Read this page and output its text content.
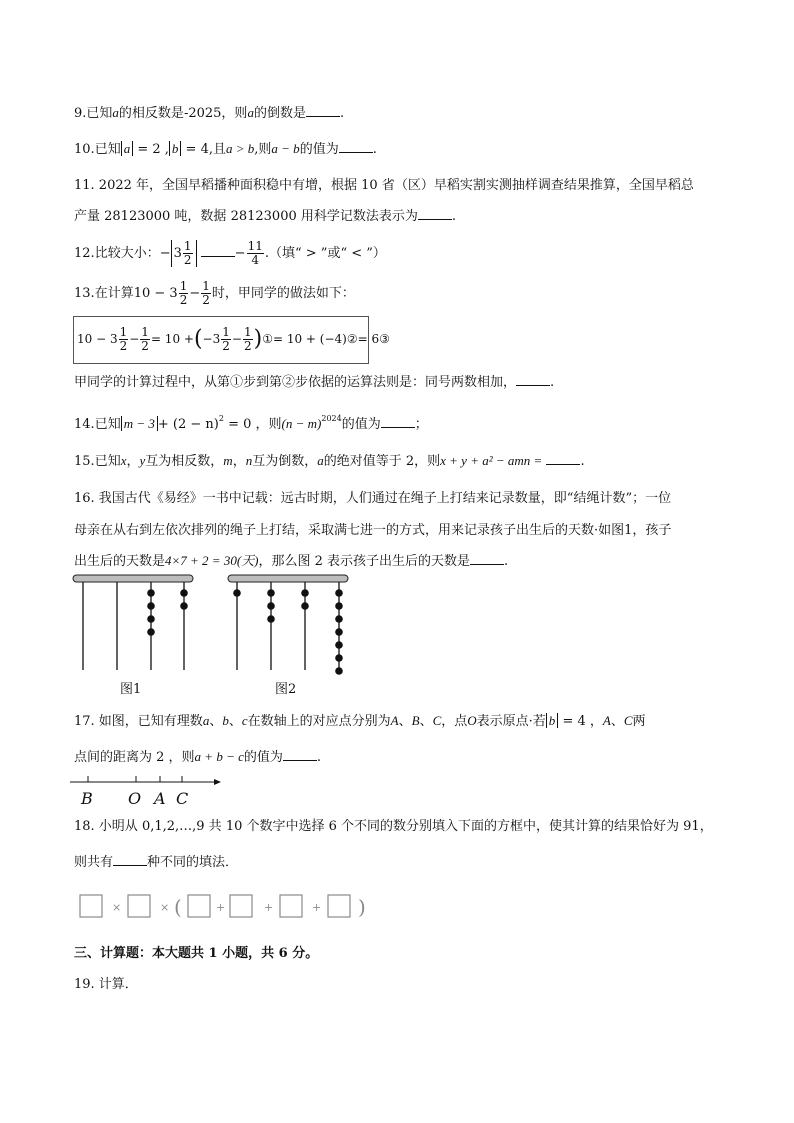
9.已知a的相反数是-2025，则a的倒数是	.
10.已知 a = 2 , b = 4,且a > b,则a − b的值为	.
11. 2022 年，全国早稻播种面积稳中有增，根据 10 省（区）早稻实割实测抽样调查结果推算，全国早稻总
产量 28123000 吨，数据 28123000 用科学记数法表示为	.
12.比较大小：− $3 \frac{1}{2}$	− $\frac{11}{4}$ .（填“ > ”或“ < ”）
13.在计算$10 - 3 \frac{1}{2} - \frac{1}{2}$ 时，甲同学的做法如下：
$10 - 3 \frac{1}{2} - \frac{1}{2} = 10 +(-3 \frac{1}{2} - \frac{1}{2}$ )①= 10 + (−4)②= 6③
甲同学的计算过程中，从第①步到第②步依据的运算法则是：同号两数相加，	.
14.已知 $m - 3 + (2 - n)^2 = 0$ ，则$(n - m)^{2024}$的值为	；
15.已知x，y互为相反数，m，n互为倒数，a的绝对值等于 2，则x + y + a² − amn =	.
16. 我国古代《易经》一书中记载：远古时期，人们通过在绳子上打结来记录数量，即“结绳计数”；一位
母亲在从右到左依次排列的绳子上打结，采取满七进一的方式，用来记录孩子出生后的天数·如图1，孩子
出生后的天数是4×7 + 2 = 30(天)，那么图 2 表示孩子出生后的天数是	.
图1	图2
17. 如图，已知有理数a、b、c在数轴上的对应点分别为A、B、C，点O表示原点·若 b = 4 ，A、C两
点间的距离为 2 ，则a + b − c的值为	.
B O A C
18. 小明从 0,1,2,…,9 共 10 个数字中选择 6 个不同的数分别填入下面的方框中，使其计算的结果恰好为 91，
则共有	种不同的填法．
×	× (	+	+	+ )
三、计算题：本大题共 1 小题，共 6 分。
19. 计算．
